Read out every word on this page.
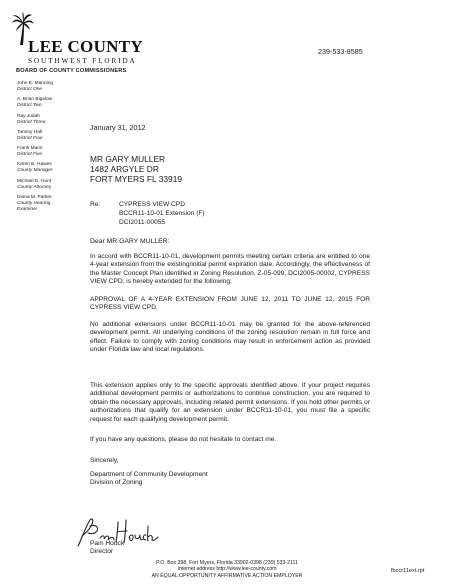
LEE COUNTY
SOUTHWEST FLORIDA
BOARD OF COUNTY COMMISSIONERS
239-533-8585
John E. Manning
District One
A. Brian Bigelow
District Two
Ray Judah
District Three
Tammy Hall
District Four
Frank Mann
District Five
Karen B. Hawes
County Manager
Michael D. Hunt
County Attorney
Diana M. Parker
County Hearing Examiner
January 31, 2012
MR GARY MULLER
1482 ARGYLE DR
FORT MYERS FL 33919
Re:	CYPRESS VIEW CPD
BCCR11-10-01 Extension (F)
DCI2011-00055
Dear MR GARY MULLER:
In accord with BCCR11-10-01, development permits meeting certain criteria are entitled to one 4-year extension from the existing/initial permit expiration date. Accordingly, the effectiveness of the Master Concept Plan identified in Zoning Resolution, Z-05-099, DCI2005-00002, CYPRESS VIEW CPD, is hereby extended for the following:
APPROVAL OF A 4-YEAR EXTENSION FROM JUNE 12, 2011 TO JUNE 12, 2015 FOR CYPRESS VIEW CPD.
No additional extensions under BCCR11-10-01 may be granted for the above-referenced development permit. All underlying conditions of the zoning resolution remain in full force and effect. Failure to comply with zoning conditions may result in enforcement action as provided under Florida law and local regulations.
This extension applies only to the specific approvals identified above. If your project requires additional development permits or authorizations to continue construction, you are required to obtain the necessary approvals, including related permit extensions. If you hold other permits or authorizations that qualify for an extension under BCCR11-10-01, you must file a specific request for each qualifying development permit.
If you have any questions, please do not hesitate to contact me.
Sincerely,
Department of Community Development
Division of Zoning
Pam Houck
Director
P.O. Box 398, Fort Myers, Florida 33902-0398 (239) 533-2111
Internet address http://www.lee-county.com
AN EQUAL OPPORTUNITY AFFIRMATIVE ACTION EMPLOYER
fbccr11ext.rpt
